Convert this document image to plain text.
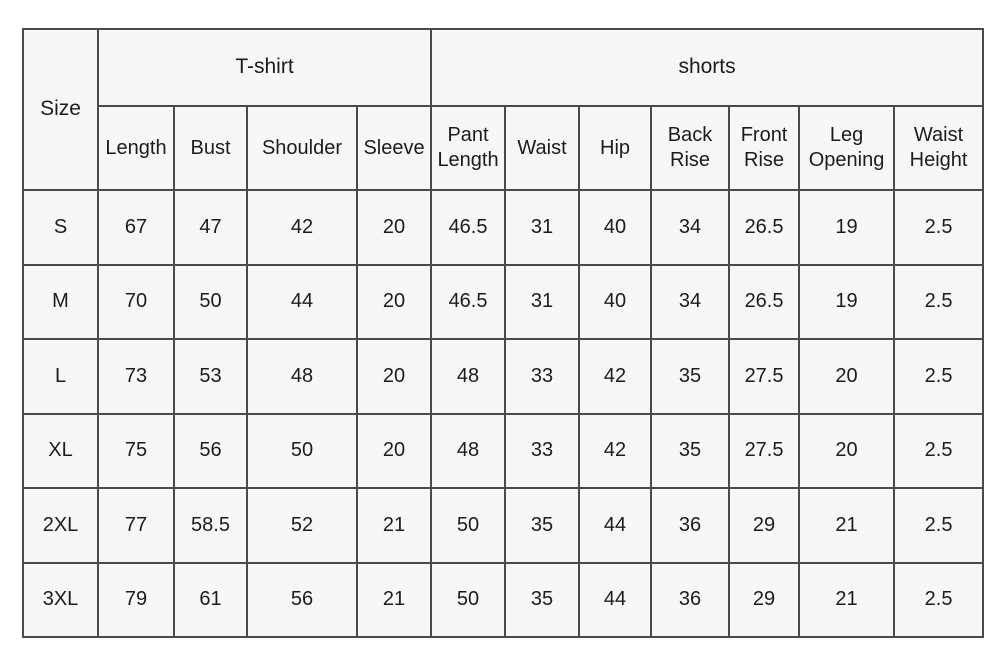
Size	T-shirt				shorts						
	Length	Bust	Shoulder	Sleeve	Pant Length	Waist	Hip	Back Rise	Front Rise	Leg Opening	Waist Height
S	67	47	42	20	46.5	31	40	34	26.5	19	2.5
M	70	50	44	20	46.5	31	40	34	26.5	19	2.5
L	73	53	48	20	48	33	42	35	27.5	20	2.5
XL	75	56	50	20	48	33	42	35	27.5	20	2.5
2XL	77	58.5	52	21	50	35	44	36	29	21	2.5
3XL	79	61	56	21	50	35	44	36	29	21	2.5
